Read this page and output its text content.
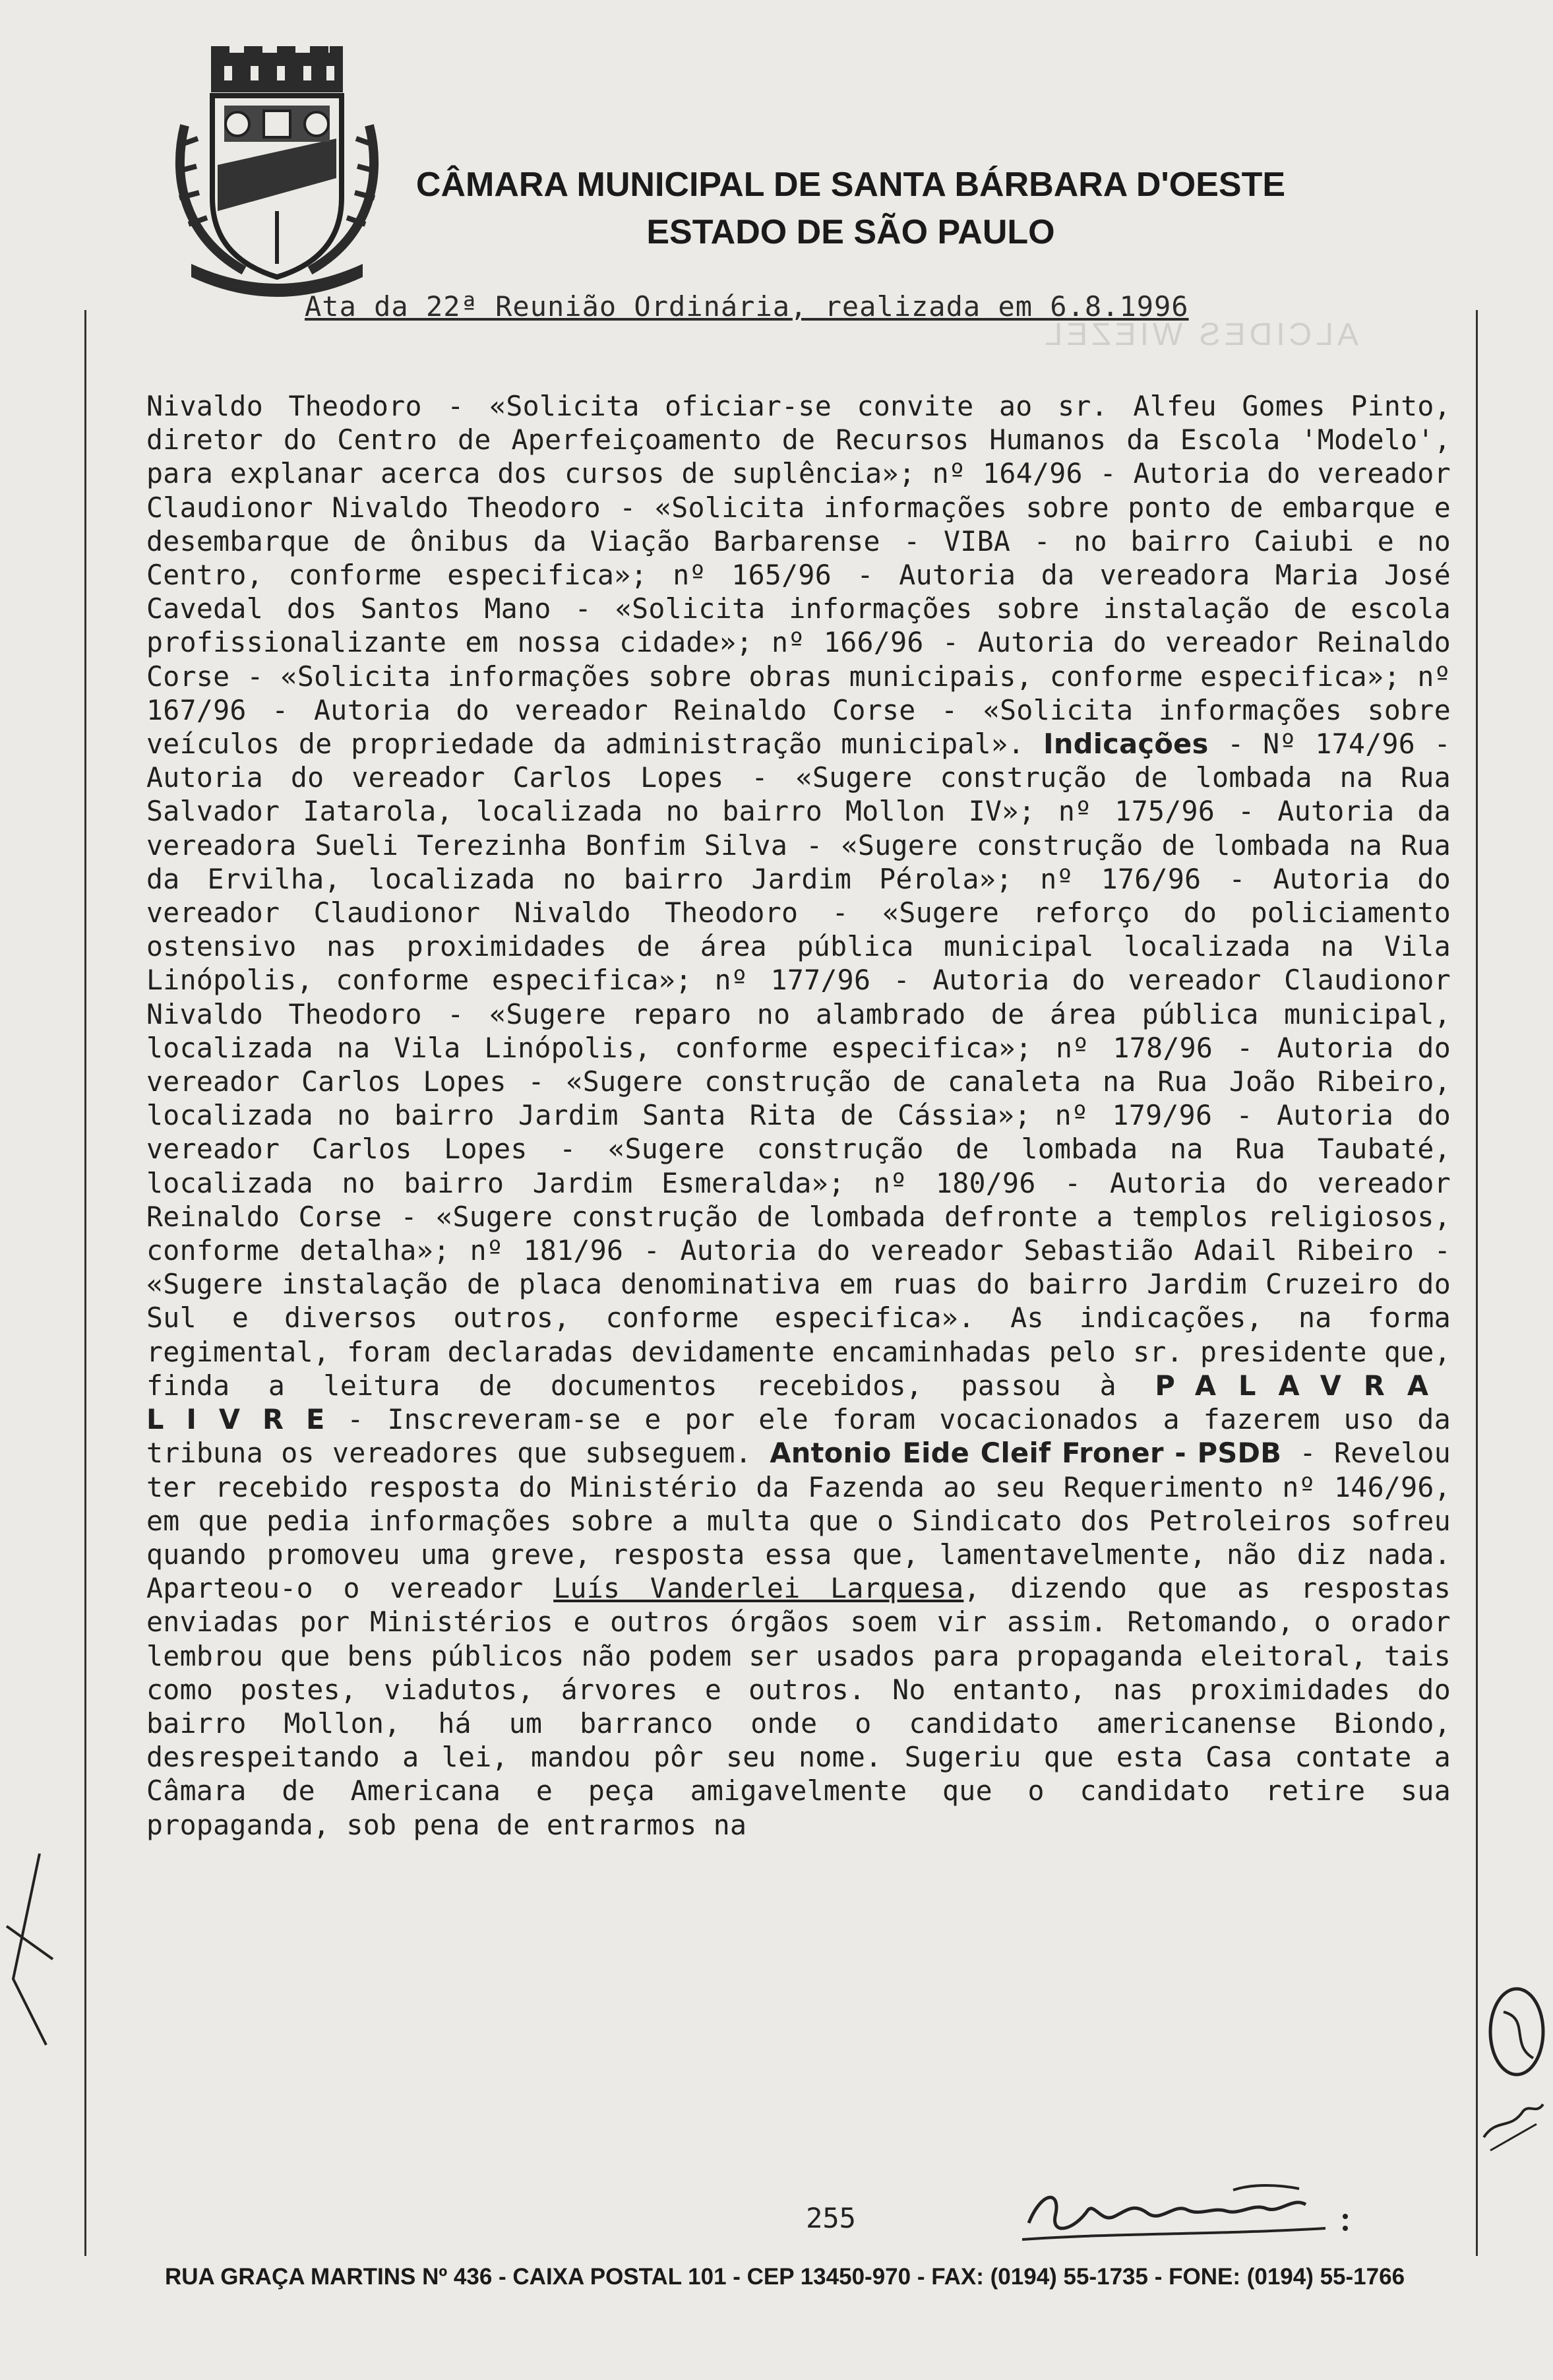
CÂMARA MUNICIPAL DE SANTA BÁRBARA D'OESTE
ESTADO DE SÃO PAULO
ALCIDES WIEZEL
Ata da 22ª Reunião Ordinária, realizada em 6.8.1996
Nivaldo Theodoro - «Solicita oficiar-se convite ao sr. Alfeu Gomes Pinto, diretor do Centro de Aperfeiçoamento de Recursos Humanos da Escola 'Modelo', para explanar acerca dos cursos de suplência»; nº 164/96 - Autoria do vereador Claudionor Nivaldo Theodoro - «Solicita informações sobre ponto de embarque e desembarque de ônibus da Viação Barbarense - VIBA - no bairro Caiubi e no Centro, conforme especifica»; nº 165/96 - Autoria da vereadora Maria José Cavedal dos Santos Mano - «Solicita informações sobre instalação de escola profissionalizante em nossa cidade»; nº 166/96 - Autoria do vereador Reinaldo Corse - «Solicita informações sobre obras municipais, conforme especifica»; nº 167/96 - Autoria do vereador Reinaldo Corse - «Solicita informações sobre veículos de propriedade da administração municipal». Indicações - Nº 174/96 - Autoria do vereador Carlos Lopes - «Sugere construção de lombada na Rua Salvador Iatarola, localizada no bairro Mollon IV»; nº 175/96 - Autoria da vereadora Sueli Terezinha Bonfim Silva - «Sugere construção de lombada na Rua da Ervilha, localizada no bairro Jardim Pérola»; nº 176/96 - Autoria do vereador Claudionor Nivaldo Theodoro - «Sugere reforço do policiamento ostensivo nas proximidades de área pública municipal localizada na Vila Linópolis, conforme especifica»; nº 177/96 - Autoria do vereador Claudionor Nivaldo Theodoro - «Sugere reparo no alambrado de área pública municipal, localizada na Vila Linópolis, conforme especifica»; nº 178/96 - Autoria do vereador Carlos Lopes - «Sugere construção de canaleta na Rua João Ribeiro, localizada no bairro Jardim Santa Rita de Cássia»; nº 179/96 - Autoria do vereador Carlos Lopes - «Sugere construção de lombada na Rua Taubaté, localizada no bairro Jardim Esmeralda»; nº 180/96 - Autoria do vereador Reinaldo Corse - «Sugere construção de lombada defronte a templos religiosos, conforme detalha»; nº 181/96 - Autoria do vereador Sebastião Adail Ribeiro - «Sugere instalação de placa denominativa em ruas do bairro Jardim Cruzeiro do Sul e diversos outros, conforme especifica». As indicações, na forma regimental, foram declaradas devidamente encaminhadas pelo sr. presidente que, finda a leitura de documentos recebidos, passou à PALAVRA LIVRE- Inscreveram-se e por ele foram vocacionados a fazerem uso da tribuna os vereadores que subseguem. Antonio Eide Cleif Froner - PSDB - Revelou ter recebido resposta do Ministério da Fazenda ao seu Requerimento nº 146/96, em que pedia informações sobre a multa que o Sindicato dos Petroleiros sofreu quando promoveu uma greve, resposta essa que, lamentavelmente, não diz nada. Aparteou-o o vereador Luís Vanderlei Larquesa, dizendo que as respostas enviadas por Ministérios e outros órgãos soem vir assim. Retomando, o orador lembrou que bens públicos não podem ser usados para propaganda eleitoral, tais como postes, viadutos, árvores e outros. No entanto, nas proximidades do bairro Mollon, há um barranco onde o candidato americanense Biondo, desrespeitando a lei, mandou pôr seu nome. Sugeriu que esta Casa contate a Câmara de Americana e peça amigavelmente que o candidato retire sua propaganda, sob pena de entrarmos na
255
RUA GRAÇA MARTINS Nº 436 - CAIXA POSTAL 101 - CEP 13450-970 - FAX: (0194) 55-1735 - FONE: (0194) 55-1766
